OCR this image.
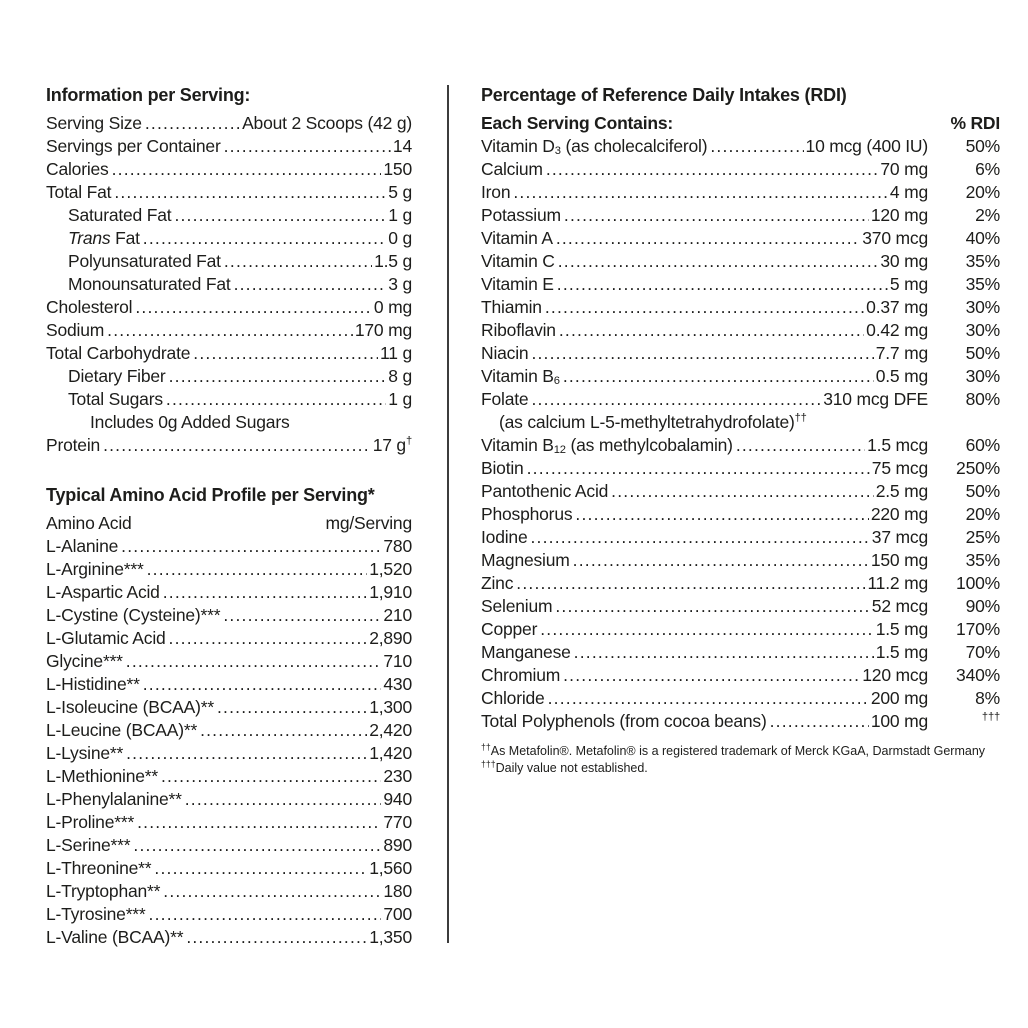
Information per Serving:
Serving Size .....	About 2 Scoops (42 g)
Servings per Container .....	14
Calories .....	150
Total Fat .....	5 g
Saturated Fat .....	1 g
Trans Fat .....	0 g
Polyunsaturated Fat .....	1.5 g
Monounsaturated Fat .....	3 g
Cholesterol .....	0 mg
Sodium .....	170 mg
Total Carbohydrate .....	11 g
Dietary Fiber .....	8 g
Total Sugars .....	1 g
Includes 0g Added Sugars
Protein .....	17 g†
Typical Amino Acid Profile per Serving*
Amino Acid	mg/Serving
L-Alanine .....	780
L-Arginine*** .....	1,520
L-Aspartic Acid .....	1,910
L-Cystine (Cysteine)*** .....	210
L-Glutamic Acid .....	2,890
Glycine*** .....	710
L-Histidine** .....	430
L-Isoleucine (BCAA)** .....	1,300
L-Leucine (BCAA)** .....	2,420
L-Lysine** .....	1,420
L-Methionine** .....	230
L-Phenylalanine** .....	940
L-Proline*** .....	770
L-Serine*** .....	890
L-Threonine** .....	1,560
L-Tryptophan** .....	180
L-Tyrosine*** .....	700
L-Valine (BCAA)** .....	1,350
Percentage of Reference Daily Intakes (RDI)
Each Serving Contains:	% RDI
Vitamin $D_3$ (as cholecalciferol) .....	10 mcg (400 IU)	50%
Calcium .....	70 mg	6%
Iron .....	4 mg	20%
Potassium .....	120 mg	2%
Vitamin A .....	370 mcg	40%
Vitamin C .....	30 mg	35%
Vitamin E .....	5 mg	35%
Thiamin .....	0.37 mg	30%
Riboflavin .....	0.42 mg	30%
Niacin .....	7.7 mg	50%
Vitamin $B_6$ .....	0.5 mg	30%
Folate .....	310 mcg DFE	80%
(as calcium L-5-methyltetrahydrofolate)††
Vitamin $B_{12}$ (as methylcobalamin) .....	1.5 mcg	60%
Biotin .....	75 mcg	250%
Pantothenic Acid .....	2.5 mg	50%
Phosphorus .....	220 mg	20%
Iodine .....	37 mcg	25%
Magnesium .....	150 mg	35%
Zinc .....	11.2 mg	100%
Selenium .....	52 mcg	90%
Copper .....	1.5 mg	170%
Manganese .....	1.5 mg	70%
Chromium .....	120 mcg	340%
Chloride .....	200 mg	8%
Total Polyphenols (from cocoa beans) .....	100 mg	†††
††As Metafolin®. Metafolin® is a registered trademark of Merck KGaA, Darmstadt Germany
†††Daily value not established.
